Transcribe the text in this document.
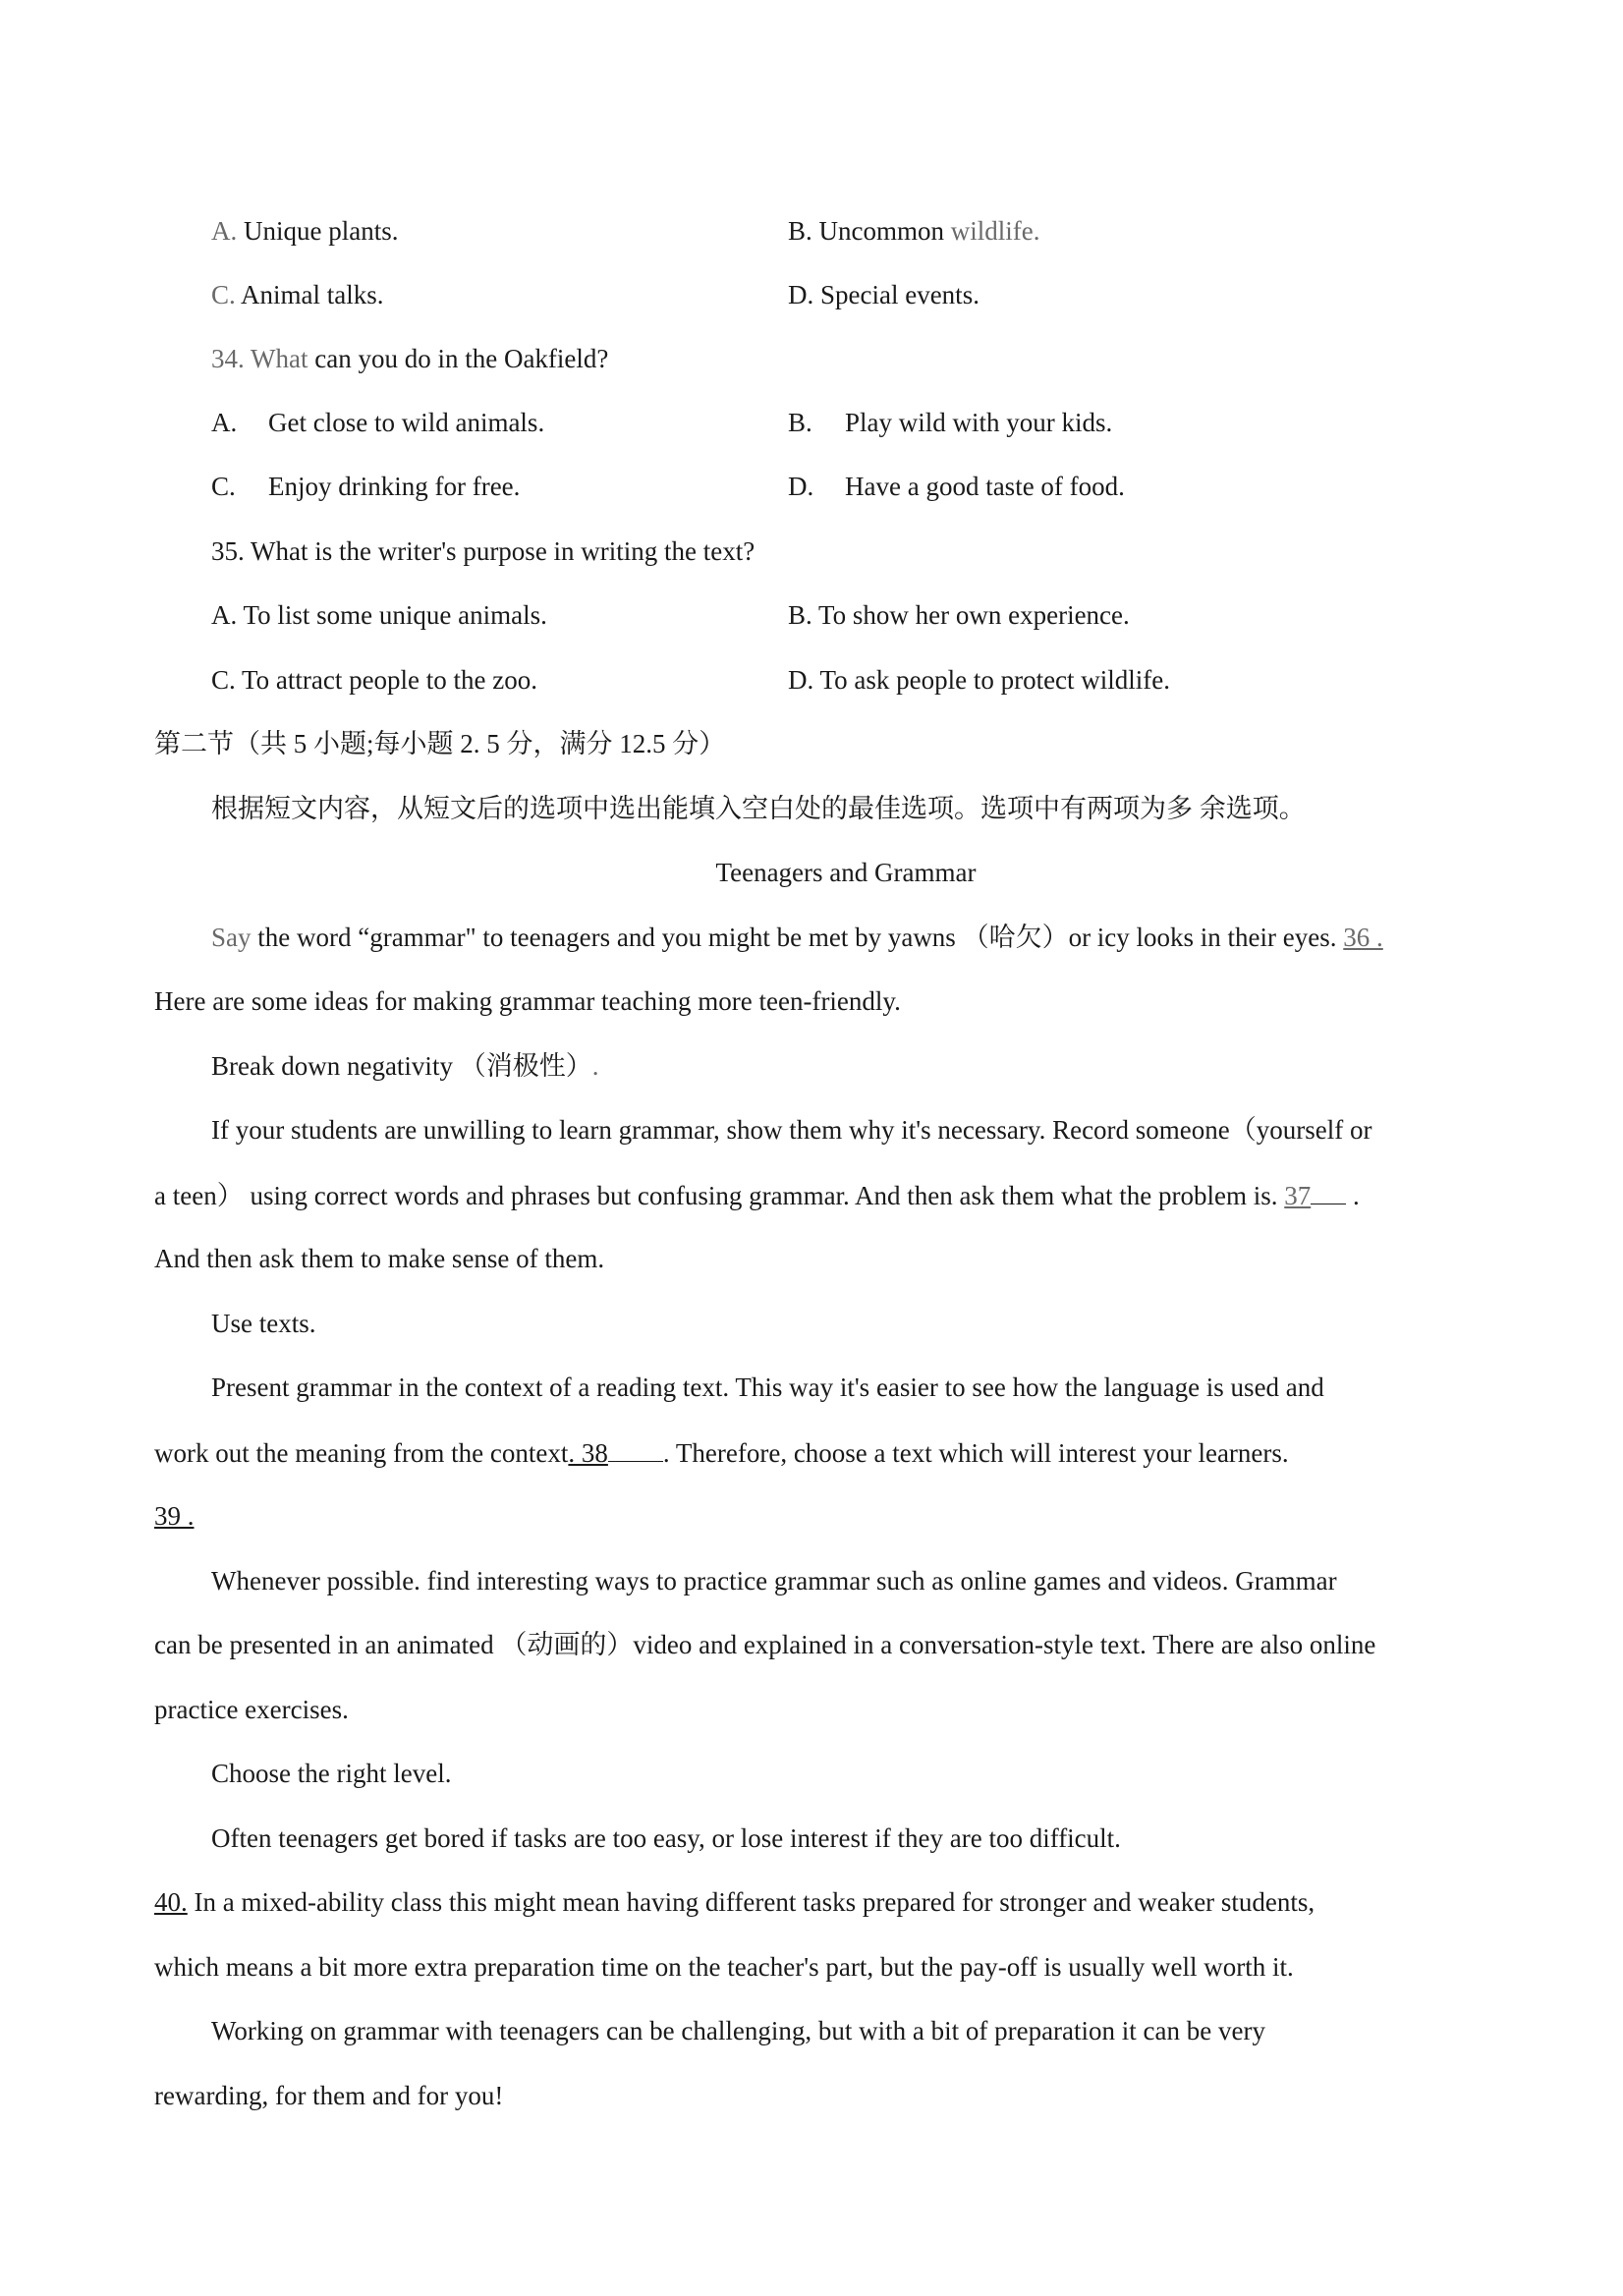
A. Unique plants.	B. Uncommon wildlife.
C. Animal talks.	D. Special events.
34. What can you do in the Oakfield?
A. Get close to wild animals.	B. Play wild with your kids.
C. Enjoy drinking for free.	D. Have a good taste of food.
35. What is the writer's purpose in writing the text?
A. To list some unique animals.	B. To show her own experience.
C. To attract people to the zoo.	D. To ask people to protect wildlife.
第二节（共 5 小题;每小题 2. 5 分，满分 12.5 分）
根据短文内容，从短文后的选项中选出能填入空白处的最佳选项。选项中有两项为多 余选项。
Teenagers and Grammar
Say the word “grammar" to teenagers and you might be met by yawns （哈欠）or icy looks in their eyes. 36 .
Here are some ideas for making grammar teaching more teen-friendly.
Break down negativity （消极性）.
If your students are unwilling to learn grammar, show them why it's necessary. Record someone（yourself or
a teen） using correct words and phrases but confusing grammar. And then ask them what the problem is. 37 .
And then ask them to make sense of them.
Use texts.
Present grammar in the context of a reading text. This way it's easier to see how the language is used and
work out the meaning from the context. 38 . Therefore, choose a text which will interest your learners.
39 .
Whenever possible. find interesting ways to practice grammar such as online games and videos. Grammar
can be presented in an animated （动画的）video and explained in a conversation-style text. There are also online
practice exercises.
Choose the right level.
Often teenagers get bored if tasks are too easy, or lose interest if they are too difficult.
40. In a mixed-ability class this might mean having different tasks prepared for stronger and weaker students,
which means a bit more extra preparation time on the teacher's part, but the pay-off is usually well worth it.
Working on grammar with teenagers can be challenging, but with a bit of preparation it can be very
rewarding, for them and for you!
